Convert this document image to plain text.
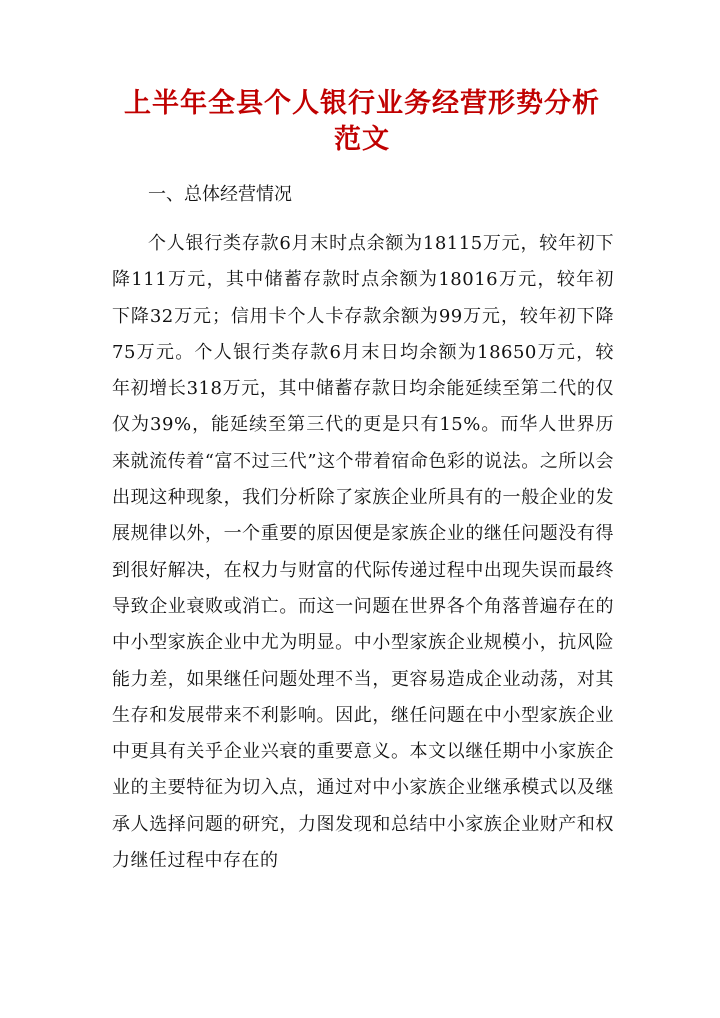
上半年全县个人银行业务经营形势分析范文
一、总体经营情况
个人银行类存款6月末时点余额为18115万元，较年初下降111万元，其中储蓄存款时点余额为18016万元，较年初下降32万元；信用卡个人卡存款余额为99万元，较年初下降75万元。个人银行类存款6月末日均余额为18650万元，较年初增长318万元，其中储蓄存款日均余能延续至第二代的仅仅为39%，能延续至第三代的更是只有15%。而华人世界历来就流传着“富不过三代”这个带着宿命色彩的说法。之所以会出现这种现象，我们分析除了家族企业所具有的一般企业的发展规律以外，一个重要的原因便是家族企业的继任问题没有得到很好解决，在权力与财富的代际传递过程中出现失误而最终导致企业衰败或消亡。而这一问题在世界各个角落普遍存在的中小型家族企业中尤为明显。中小型家族企业规模小，抗风险能力差，如果继任问题处理不当，更容易造成企业动荡，对其生存和发展带来不利影响。因此，继任问题在中小型家族企业中更具有关乎企业兴衰的重要意义。本文以继任期中小家族企业的主要特征为切入点，通过对中小家族企业继承模式以及继承人选择问题的研究，力图发现和总结中小家族企业财产和权力继任过程中存在的
